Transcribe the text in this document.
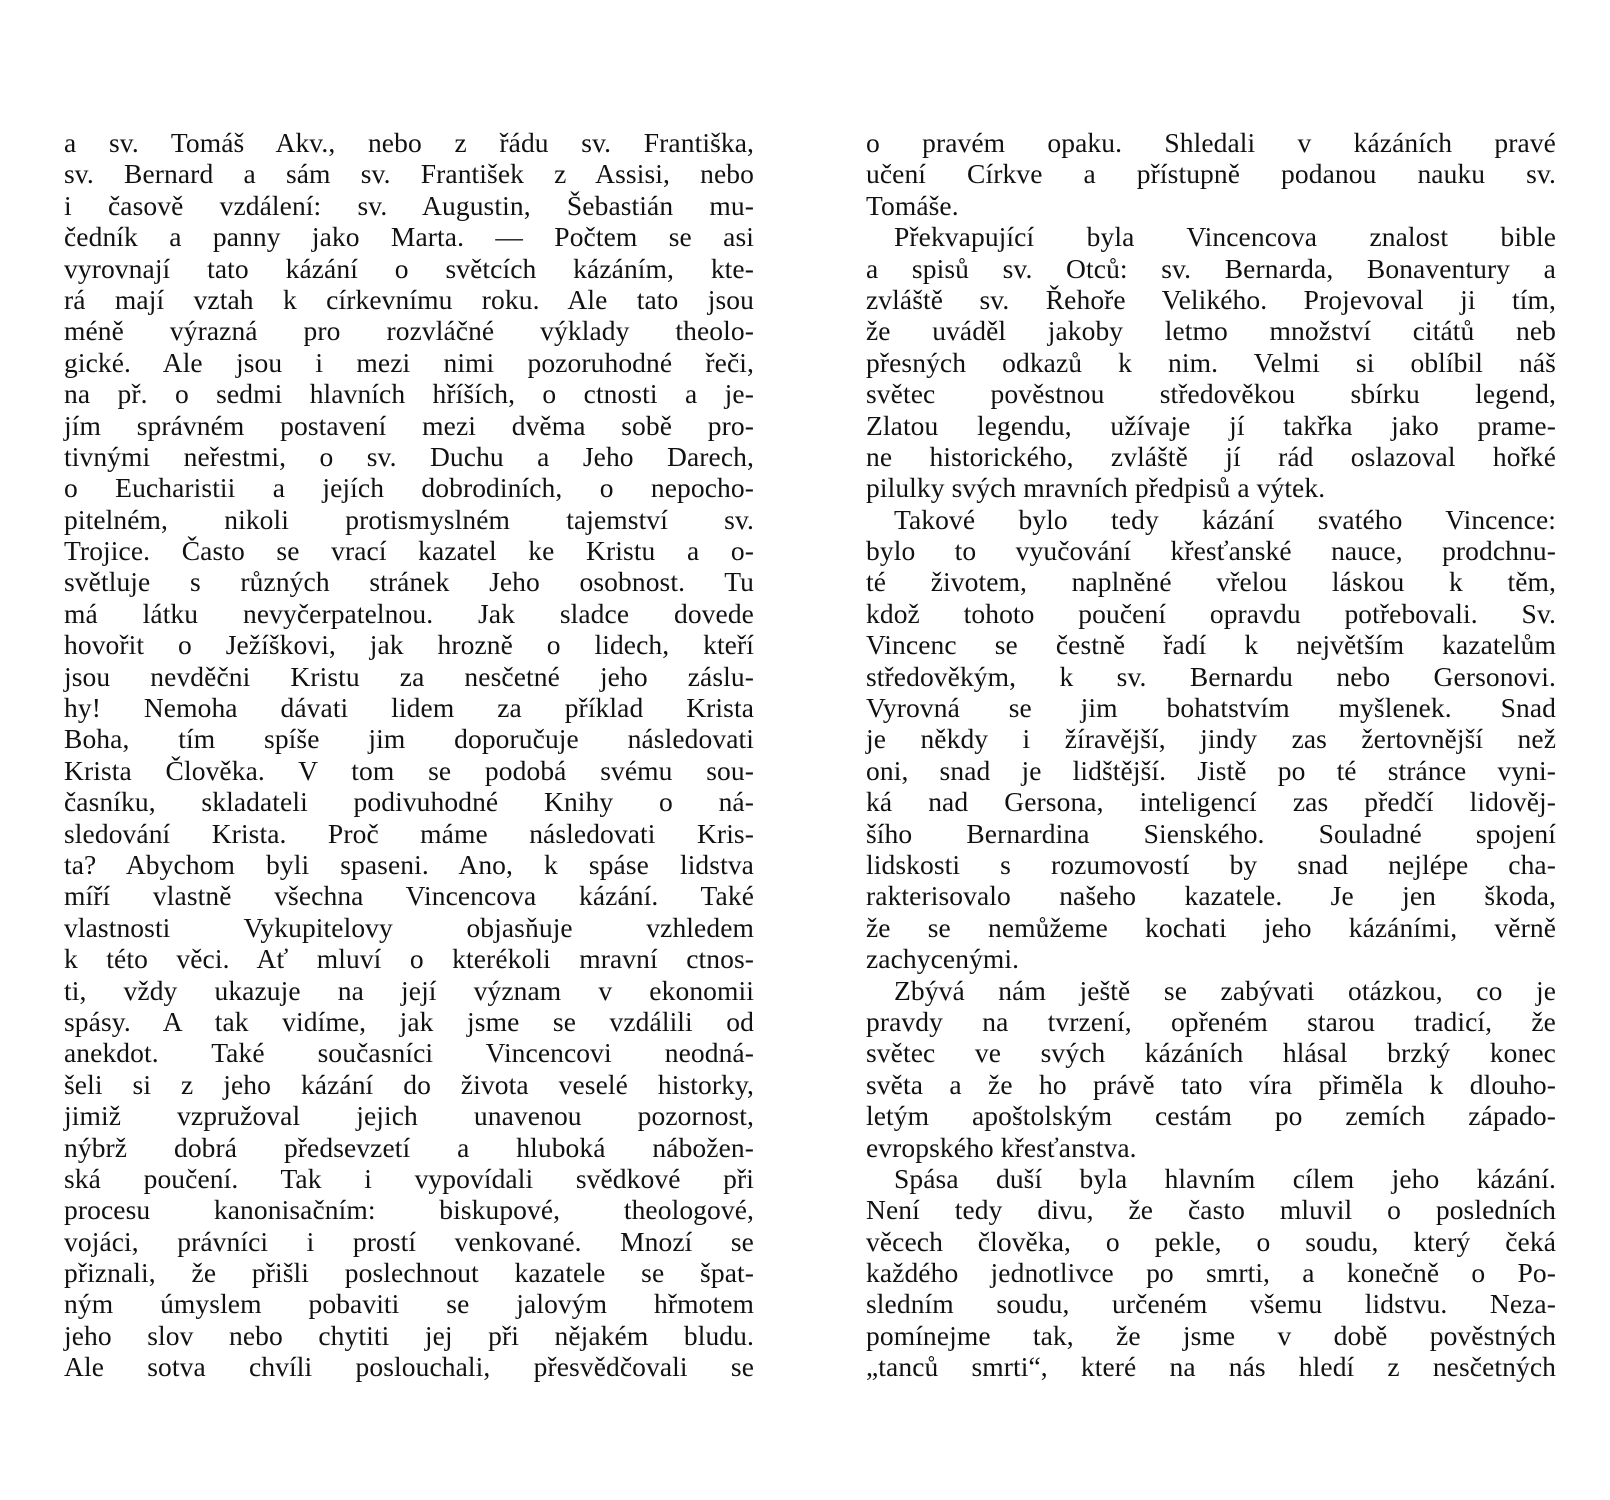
a sv. Tomáš Akv., nebo z řádu sv. Františka,
sv. Bernard a sám sv. František z Assisi, nebo
i časově vzdálení: sv. Augustin, Šebastián mu-
čedník a panny jako Marta. — Počtem se asi
vyrovnají tato kázání o světcích kázáním, kte-
rá mají vztah k církevnímu roku. Ale tato jsou
méně výrazná pro rozvláčné výklady theolo-
gické. Ale jsou i mezi nimi pozoruhodné řeči,
na př. o sedmi hlavních hříších, o ctnosti a je-
jím správném postavení mezi dvěma sobě pro-
tivnými neřestmi, o sv. Duchu a Jeho Darech,
o Eucharistii a jejích dobrodiních, o nepocho-
pitelném, nikoli protismyslném tajemství sv.
Trojice. Často se vrací kazatel ke Kristu a o-
světluje s různých stránek Jeho osobnost. Tu
má látku nevyčerpatelnou. Jak sladce dovede
hovořit o Ježíškovi, jak hrozně o lidech, kteří
jsou nevděčni Kristu za nesčetné jeho záslu-
hy! Nemoha dávati lidem za příklad Krista
Boha, tím spíše jim doporučuje následovati
Krista Člověka. V tom se podobá svému sou-
časníku, skladateli podivuhodné Knihy o ná-
sledování Krista. Proč máme následovati Kris-
ta? Abychom byli spaseni. Ano, k spáse lidstva
míří vlastně všechna Vincencova kázání. Také
vlastnosti Vykupitelovy objasňuje vzhledem
k této věci. Ať mluví o kterékoli mravní ctnos-
ti, vždy ukazuje na její význam v ekonomii
spásy. A tak vidíme, jak jsme se vzdálili od
anekdot. Také současníci Vincencovi neodná-
šeli si z jeho kázání do života veselé historky,
jimiž vzpružoval jejich unavenou pozornost,
nýbrž dobrá předsevzetí a hluboká nábožen-
ská poučení. Tak i vypovídali svědkové při
procesu kanonisačním: biskupové, theologové,
vojáci, právníci i prostí venkované. Mnozí se
přiznali, že přišli poslechnout kazatele se špat-
ným úmyslem pobaviti se jalovým hřmotem
jeho slov nebo chytiti jej při nějakém bludu.
Ale sotva chvíli poslouchali, přesvědčovali se
o pravém opaku. Shledali v kázáních pravé
učení Církve a přístupně podanou nauku sv.
Tomáše.
Překvapující byla Vincencova znalost bible
a spisů sv. Otců: sv. Bernarda, Bonaventury a
zvláště sv. Řehoře Velikého. Projevoval ji tím,
že uváděl jakoby letmo množství citátů neb
přesných odkazů k nim. Velmi si oblíbil náš
světec pověstnou středověkou sbírku legend,
Zlatou legendu, užívaje jí takřka jako prame-
ne historického, zvláště jí rád oslazoval hořké
pilulky svých mravních předpisů a výtek.
Takové bylo tedy kázání svatého Vincence:
bylo to vyučování křesťanské nauce, prodchnu-
té životem, naplněné vřelou láskou k těm,
kdož tohoto poučení opravdu potřebovali. Sv.
Vincenc se čestně řadí k největším kazatelům
středověkým, k sv. Bernardu nebo Gersonovi.
Vyrovná se jim bohatstvím myšlenek. Snad
je někdy i žíravější, jindy zas žertovnější než
oni, snad je lidštější. Jistě po té stránce vyni-
ká nad Gersona, inteligencí zas předčí lidověj-
šího Bernardina Sienského. Souladné spojení
lidskosti s rozumovostí by snad nejlépe cha-
rakterisovalo našeho kazatele. Je jen škoda,
že se nemůžeme kochati jeho kázáními, věrně
zachycenými.
Zbývá nám ještě se zabývati otázkou, co je
pravdy na tvrzení, opřeném starou tradicí, že
světec ve svých kázáních hlásal brzký konec
světa a že ho právě tato víra přiměla k dlouho-
letým apoštolským cestám po zemích západo-
evropského křesťanstva.
Spása duší byla hlavním cílem jeho kázání.
Není tedy divu, že často mluvil o posledních
věcech člověka, o pekle, o soudu, který čeká
každého jednotlivce po smrti, a konečně o Po-
sledním soudu, určeném všemu lidstvu. Neza-
pomínejme tak, že jsme v době pověstných
„tanců smrti“, které na nás hledí z nesčetných
